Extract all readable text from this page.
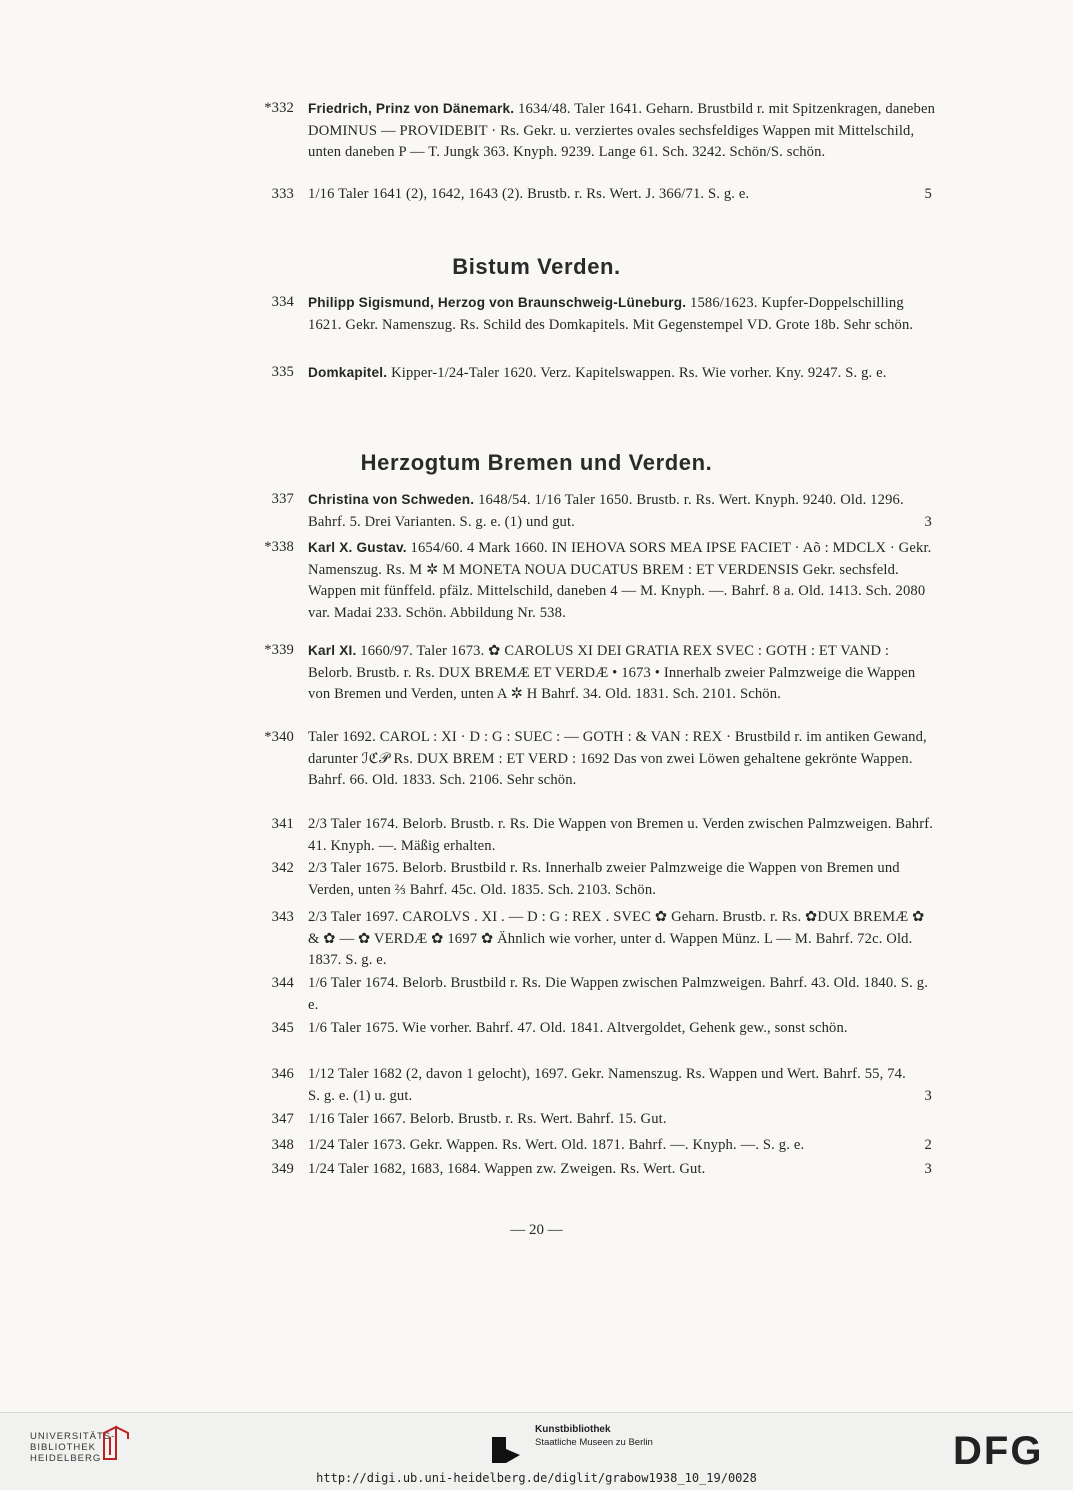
*332 Friedrich, Prinz von Dänemark. 1634/48. Taler 1641. Geharn. Brustbild r. mit Spitzenkragen, daneben DOMINUS — PROVIDEBIT · Rs. Gekr. u. verziertes ovales sechsfeldiges Wappen mit Mittelschild, unten daneben P — T. Jungk 363. Knyph. 9239. Lange 61. Sch. 3242. Schön/S. schön.
333 1/16 Taler 1641 (2), 1642, 1643 (2). Brustb. r. Rs. Wert. J. 366/71. S. g. e.	5
Bistum Verden.
334 Philipp Sigismund, Herzog von Braunschweig-Lüneburg. 1586/1623. Kupfer-Doppelschilling 1621. Gekr. Namenszug. Rs. Schild des Domkapitels. Mit Gegenstempel VD. Grote 18b. Sehr schön.
335 Domkapitel. Kipper-1/24-Taler 1620. Verz. Kapitelswappen. Rs. Wie vorher. Kny. 9247. S. g. e.
Herzogtum Bremen und Verden.
337 Christina von Schweden. 1648/54. 1/16 Taler 1650. Brustb. r. Rs. Wert. Knyph. 9240. Old. 1296. Bahrf. 5. Drei Varianten. S. g. e. (1) und gut.	3
*338 Karl X. Gustav. 1654/60. 4 Mark 1660. IN IEHOVA SORS MEA IPSE FACIET · Aõ : MDCLX · Gekr. Namenszug. Rs. M ✲ M MONETA NOUA DUCATUS BREM : ET VERDENSIS Gekr. sechsfeld. Wappen mit fünffeld. pfälz. Mittelschild, daneben 4 — M. Knyph. —. Bahrf. 8 a. Old. 1413. Sch. 2080 var. Madai 233. Schön. Abbildung Nr. 538.
*339 Karl XI. 1660/97. Taler 1673. ✿ CAROLUS XI DEI GRATIA REX SVEC : GOTH : ET VAND : Belorb. Brustb. r. Rs. DUX BREMÆ ET VERDÆ • 1673 • Innerhalb zweier Palmzweige die Wappen von Bremen und Verden, unten A ✲ H Bahrf. 34. Old. 1831. Sch. 2101. Schön.
*340 Taler 1692. CAROL : XI · D : G : SUEC : — GOTH : & VAN : REX · Brustbild r. im antiken Gewand, darunter ℐℭ𝒫 Rs. DUX BREM : ET VERD : 1692 Das von zwei Löwen gehaltene gekrönte Wappen. Bahrf. 66. Old. 1833. Sch. 2106. Sehr schön.
341 2/3 Taler 1674. Belorb. Brustb. r. Rs. Die Wappen von Bremen u. Verden zwischen Palmzweigen. Bahrf. 41. Knyph. —. Mäßig erhalten.
342 2/3 Taler 1675. Belorb. Brustbild r. Rs. Innerhalb zweier Palmzweige die Wappen von Bremen und Verden, unten ⅔ Bahrf. 45c. Old. 1835. Sch. 2103. Schön.
343 2/3 Taler 1697. CAROLVS . XI . — D : G : REX . SVEC ✿ Geharn. Brustb. r. Rs. ✿DUX BREMÆ ✿ & ✿ — ✿ VERDÆ ✿ 1697 ✿ Ähnlich wie vorher, unter d. Wappen Münz. L — M. Bahrf. 72c. Old. 1837. S. g. e.
344 1/6 Taler 1674. Belorb. Brustbild r. Rs. Die Wappen zwischen Palmzweigen. Bahrf. 43. Old. 1840. S. g. e.
345 1/6 Taler 1675. Wie vorher. Bahrf. 47. Old. 1841. Altvergoldet, Gehenk gew., sonst schön.
346 1/12 Taler 1682 (2, davon 1 gelocht), 1697. Gekr. Namenszug. Rs. Wappen und Wert. Bahrf. 55, 74. S. g. e. (1) u. gut.	3
347 1/16 Taler 1667. Belorb. Brustb. r. Rs. Wert. Bahrf. 15. Gut.
348 1/24 Taler 1673. Gekr. Wappen. Rs. Wert. Old. 1871. Bahrf. —. Knyph. —. S. g. e.	2
349 1/24 Taler 1682, 1683, 1684. Wappen zw. Zweigen. Rs. Wert. Gut.	3
— 20 —
UNIVERSITÄTS-
BIBLIOTHEK
HEIDELBERG
Kunstbibliothek
Staatliche Museen zu Berlin	DFG
http://digi.ub.uni-heidelberg.de/diglit/grabow1938_10_19/0028
